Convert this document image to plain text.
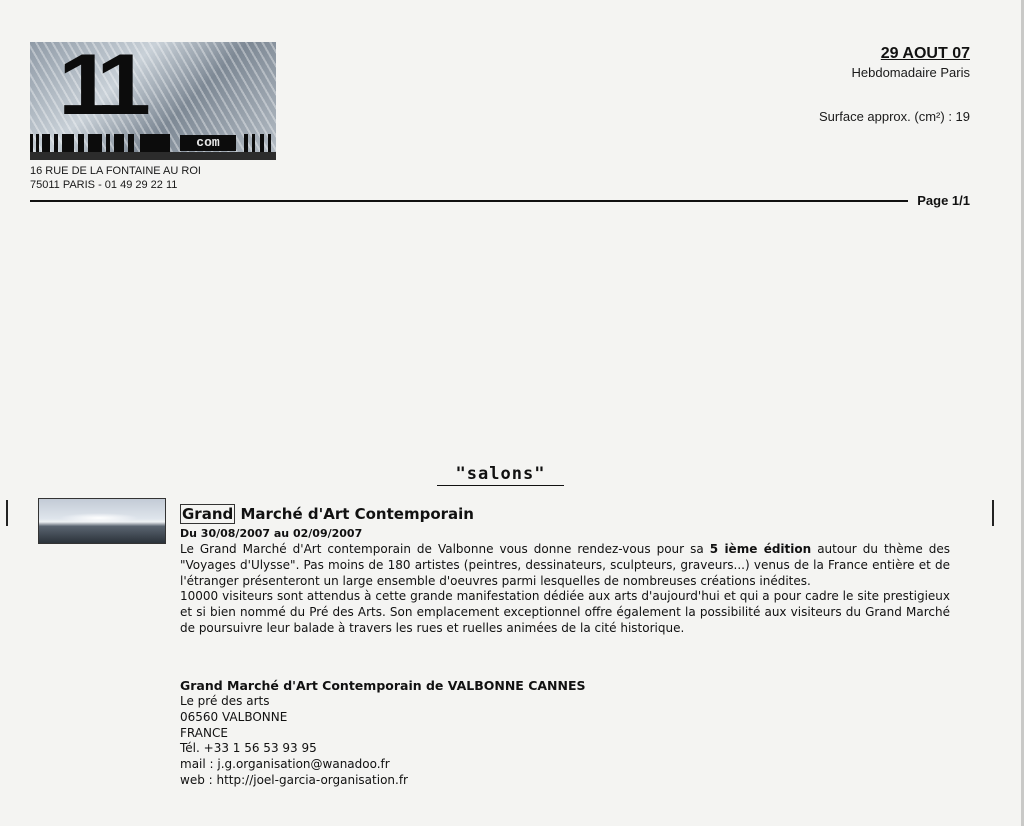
11
com
16 RUE DE LA FONTAINE AU ROI
75011 PARIS - 01 49 29 22 11
29 AOUT 07
Hebdomadaire Paris
Surface approx. (cm²) : 19
Page 1/1
"salons"
Grand Marché d'Art Contemporain
Du 30/08/2007 au 02/09/2007

Le Grand Marché d'Art contemporain de Valbonne vous donne rendez-vous pour sa 5 ième édition autour du thème des "Voyages d'Ulysse". Pas moins de 180 artistes (peintres, dessinateurs, sculpteurs, graveurs...) venus de la France entière et de l'étranger présenteront un large ensemble d'oeuvres parmi lesquelles de nombreuses créations inédites.

10000 visiteurs sont attendus à cette grande manifestation dédiée aux arts d'aujourd'hui et qui a pour cadre le site prestigieux et si bien nommé du Pré des Arts. Son emplacement exceptionnel offre également la possibilité aux visiteurs du Grand Marché de poursuivre leur balade à travers les rues et ruelles animées de la cité historique.

Grand Marché d'Art Contemporain de VALBONNE CANNES
Le pré des arts
06560 VALBONNE
FRANCE
Tél. +33 1 56 53 93 95
mail : j.g.organisation@wanadoo.fr
web : http://joel-garcia-organisation.fr
